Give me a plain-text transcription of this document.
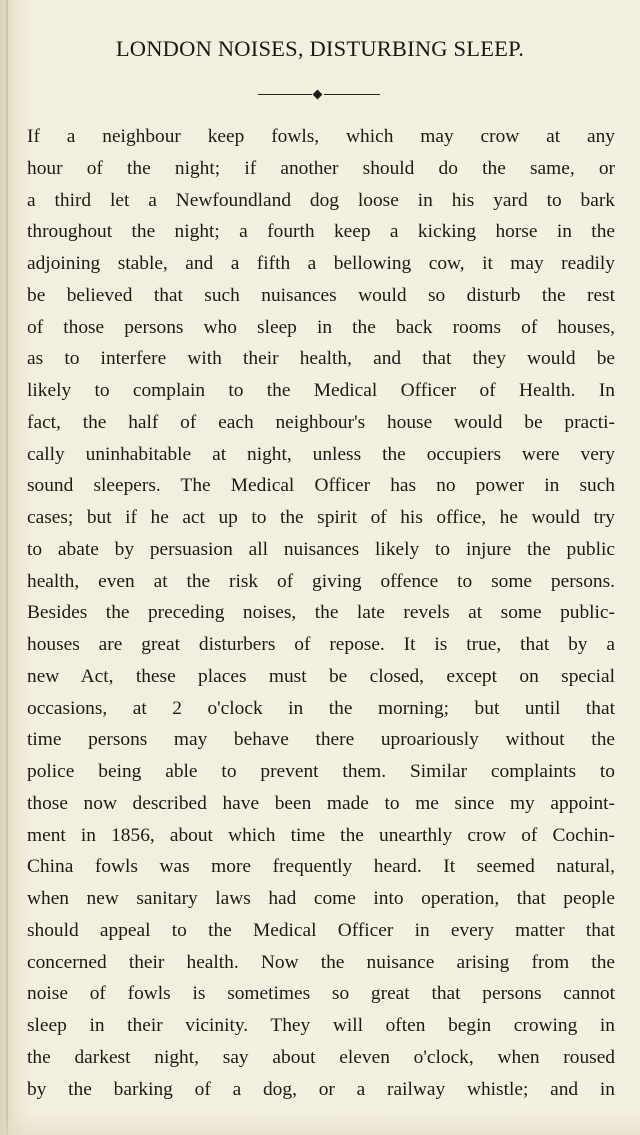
LONDON NOISES, DISTURBING SLEEP.
If a neighbour keep fowls, which may crow at any
hour of the night; if another should do the same, or
a third let a Newfoundland dog loose in his yard to bark
throughout the night; a fourth keep a kicking horse in the
adjoining stable, and a fifth a bellowing cow, it may readily
be believed that such nuisances would so disturb the rest
of those persons who sleep in the back rooms of houses,
as to interfere with their health, and that they would be
likely to complain to the Medical Officer of Health. In
fact, the half of each neighbour's house would be practi-
cally uninhabitable at night, unless the occupiers were very
sound sleepers. The Medical Officer has no power in such
cases; but if he act up to the spirit of his office, he would try
to abate by persuasion all nuisances likely to injure the public
health, even at the risk of giving offence to some persons.
Besides the preceding noises, the late revels at some public-
houses are great disturbers of repose. It is true, that by a
new Act, these places must be closed, except on special
occasions, at 2 o'clock in the morning; but until that
time persons may behave there uproariously without the
police being able to prevent them. Similar complaints to
those now described have been made to me since my appoint-
ment in 1856, about which time the unearthly crow of Cochin-
China fowls was more frequently heard. It seemed natural,
when new sanitary laws had come into operation, that people
should appeal to the Medical Officer in every matter that
concerned their health. Now the nuisance arising from the
noise of fowls is sometimes so great that persons cannot
sleep in their vicinity. They will often begin crowing in
the darkest night, say about eleven o'clock, when roused
by the barking of a dog, or a railway whistle; and in
